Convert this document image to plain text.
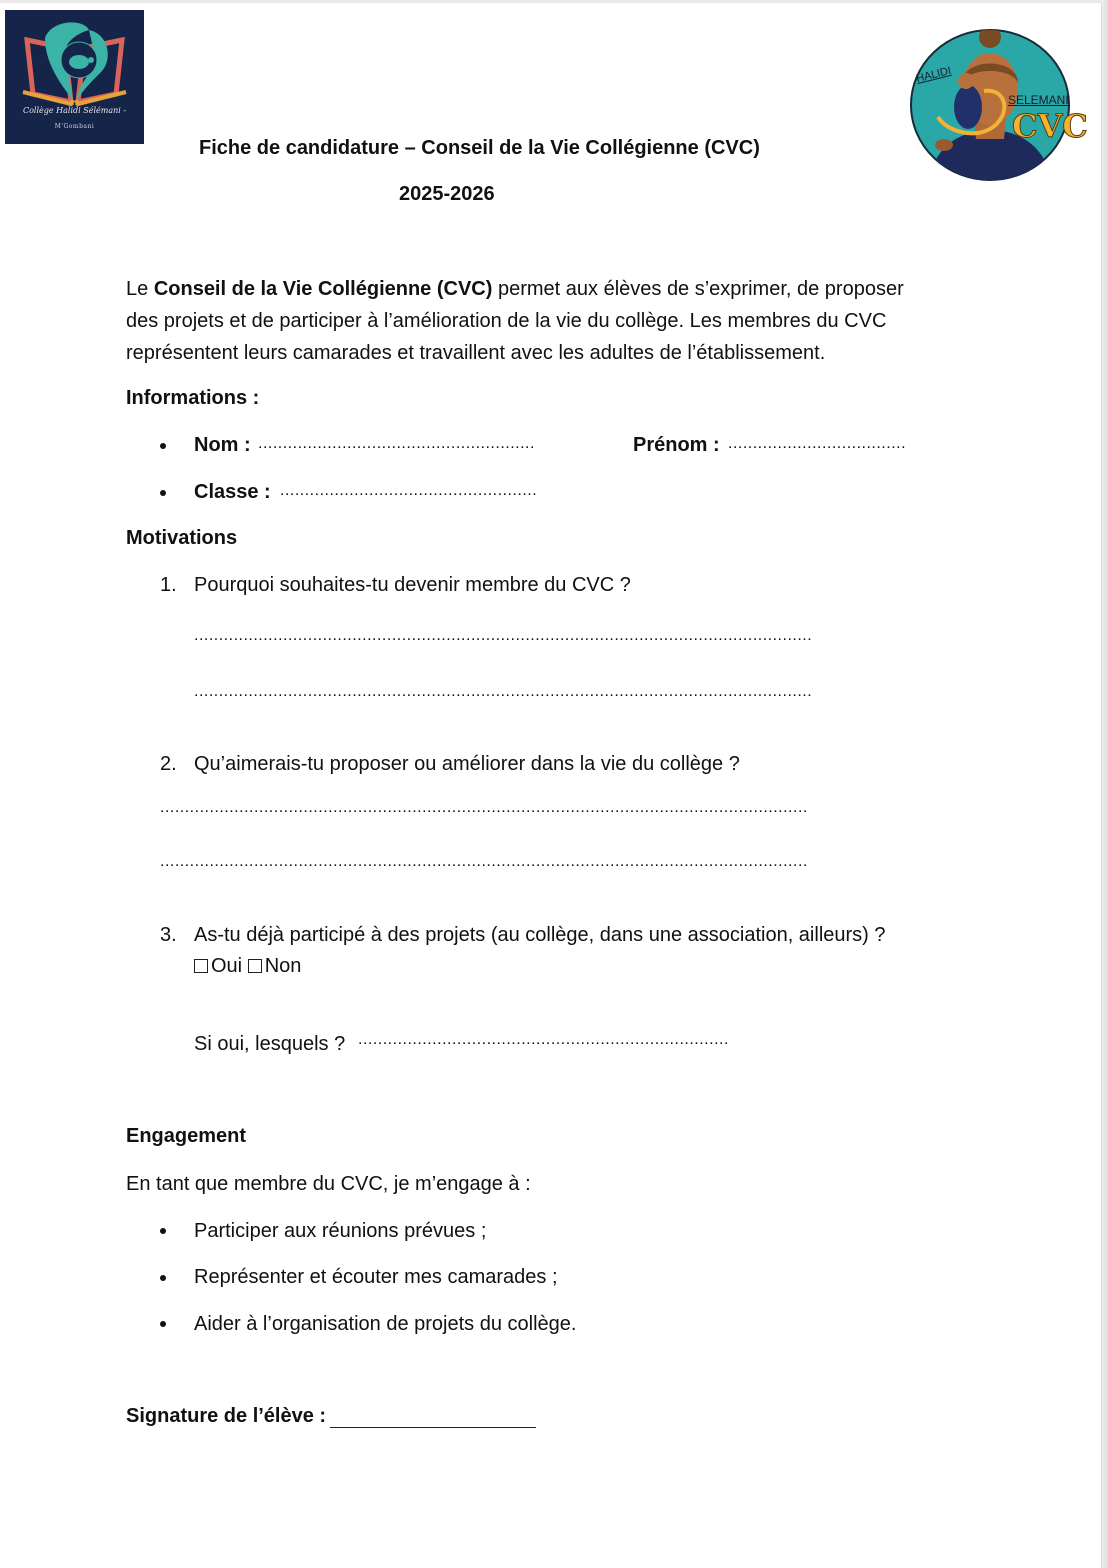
Collège Halidi Sélémani -
M'Gombani
HALIDI
SELEMANI
CVC
Fiche de candidature – Conseil de la Vie Collégienne (CVC)
2025-2026
Le Conseil de la Vie Collégienne (CVC) permet aux élèves de s’exprimer, de proposer
des projets et de participer à l’amélioration de la vie du collège. Les membres du CVC
représentent leurs camarades et travaillent avec les adultes de l’établissement.
Informations :
Nom : ........................................................	Prénom : ....................................
Classe : ....................................................
Motivations
1. Pourquoi souhaites-tu devenir membre du CVC ?
.............................................................................................................................
.............................................................................................................................
2. Qu’aimerais-tu proposer ou améliorer dans la vie du collège ?
...................................................................................................................................
...................................................................................................................................
3. As-tu déjà participé à des projets (au collège, dans une association, ailleurs) ?
Oui Non
Si oui, lesquels ? ...........................................................................
Engagement
En tant que membre du CVC, je m’engage à :
Participer aux réunions prévues ;
Représenter et écouter mes camarades ;
Aider à l’organisation de projets du collège.
Signature de l’élève :
